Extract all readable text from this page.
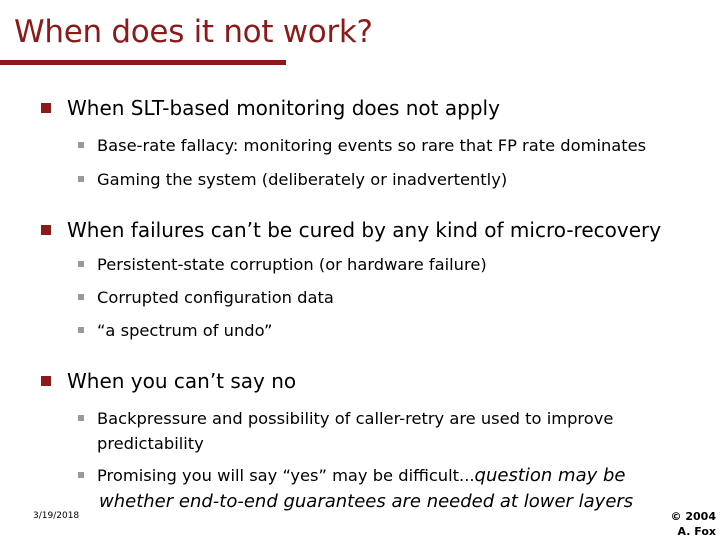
When does it not work?
When SLT-based monitoring does not apply
Base-rate fallacy: monitoring events so rare that FP rate dominates
Gaming the system (deliberately or inadvertently)
When failures can’t be cured by any kind of micro-recovery
Persistent-state corruption (or hardware failure)
Corrupted configuration data
“a spectrum of undo”
When you can’t say no
Backpressure and possibility of caller-retry are used to improve
predictability
Promising you will say “yes” may be difficult...question may be
whether end-to-end guarantees are needed at lower layers
3/19/2018	© 2004
A. Fox
